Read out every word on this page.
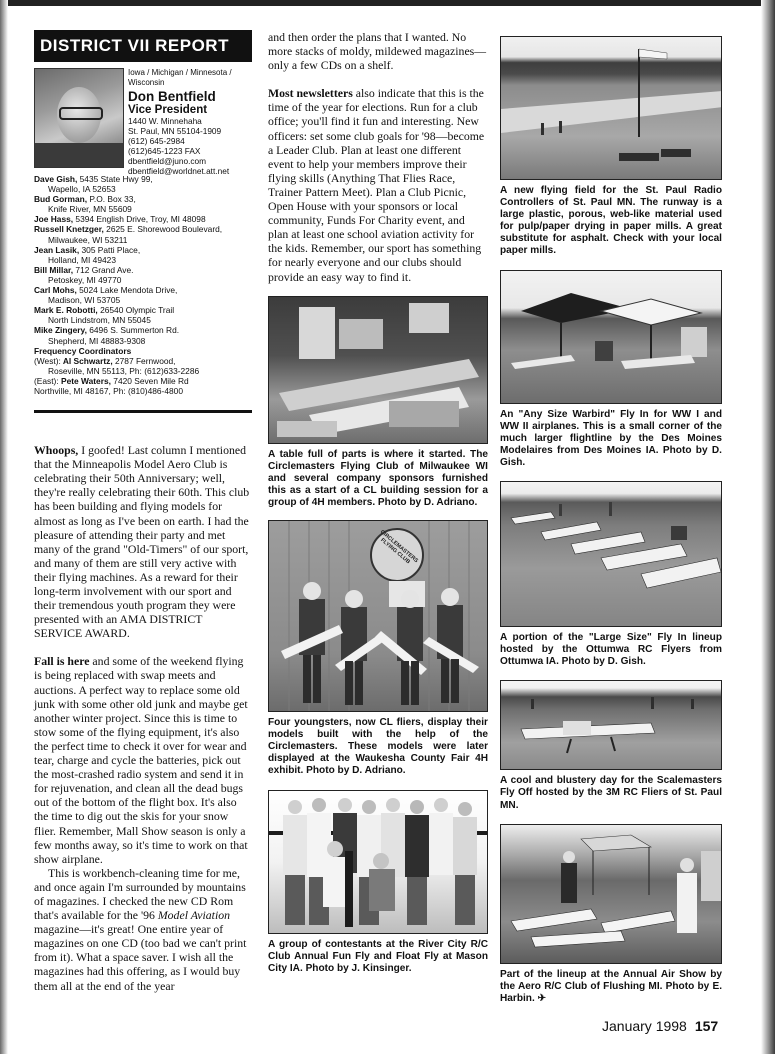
DISTRICT VII REPORT
Iowa / Michigan / Minnesota / Wisconsin
Don Bentfield
Vice President
1440 W. Minnehaha
St. Paul, MN 55104-1909
(612) 645-2984
(612)645-1223 FAX
dbentfield@juno.com
dbentfield@worldnet.att.net
Dave Gish, 5435 State Hwy 99,
Wapello, IA 52653
Bud Gorman, P.O. Box 33,
Knife River, MN 55609
Joe Hass, 5394 English Drive, Troy, MI 48098
Russell Knetzger, 2625 E. Shorewood Boulevard,
Milwaukee, WI 53211
Jean Lasik, 305 Patti Place,
Holland, MI 49423
Bill Millar, 712 Grand Ave.
Petoskey, MI 49770
Carl Mohs, 5024 Lake Mendota Drive,
Madison, WI 53705
Mark E. Robotti, 26540 Olympic Trail
North Lindstrom, MN 55045
Mike Zingery, 6496 S. Summerton Rd.
Shepherd, MI 48883-9308
Frequency Coordinators
(West): Al Schwartz, 2787 Fernwood,
Roseville, MN 55113, Ph: (612)633-2286
(East): Pete Waters, 7420 Seven Mile Rd
Northville, MI 48167, Ph: (810)486-4800

Whoops, I goofed! Last column I mentioned that the Minneapolis Model Aero Club is celebrating their 50th Anniversary; well, they're really celebrating their 60th. This club has been building and flying models for almost as long as I've been on earth. I had the pleasure of attending their party and met many of the grand "Old-Timers" of our sport, and many of them are still very active with their flying machines. As a reward for their long-term involvement with our sport and their tremendous youth program they were presented with an AMA DISTRICT SERVICE AWARD.

Fall is here and some of the weekend flying is being replaced with swap meets and auctions. A perfect way to replace some old junk with some other old junk and maybe get another winter project. Since this is time to stow some of the flying equipment, it's also the perfect time to check it over for wear and tear, charge and cycle the batteries, pick out the most-crashed radio system and send it in for rejuvenation, and clean all the dead bugs out of the bottom of the flight box. It's also the time to dig out the skis for your snow flier. Remember, Mall Show season is only a few months away, so it's time to work on that show airplane.

This is workbench-cleaning time for me, and once again I'm surrounded by mountains of magazines. I checked the new CD Rom that's available for the '96 Model Aviation magazine—it's great! One entire year of magazines on one CD (too bad we can't print from it). What a space saver. I wish all the magazines had this offering, as I would buy them all at the end of the year

and then order the plans that I wanted. No more stacks of moldy, mildewed magazines—only a few CDs on a shelf.

Most newsletters also indicate that this is the time of the year for elections. Run for a club office; you'll find it fun and interesting. New officers: set some club goals for '98—become a Leader Club. Plan at least one different event to help your members improve their flying skills (Anything That Flies Race, Trainer Pattern Meet). Plan a Club Picnic, Open House with your sponsors or local community, Funds For Charity event, and plan at least one school aviation activity for the kids. Remember, our sport has something for nearly everyone and our clubs should provide an easy way to find it.

A table full of parts is where it started. The Circlemasters Flying Club of Milwaukee WI and several company sponsors furnished this as a start of a CL building session for a group of 4H members. Photo by D. Adriano.
CIRCLEMASTERS FLYING CLUB
Four youngsters, now CL fliers, display their models built with the help of the Circlemasters. These models were later displayed at the Waukesha County Fair 4H exhibit. Photo by D. Adriano.
A group of contestants at the River City R/C Club Annual Fun Fly and Float Fly at Mason City IA. Photo by J. Kinsinger.
A new flying field for the St. Paul Radio Controllers of St. Paul MN. The runway is a large plastic, porous, web-like material used for pulp/paper drying in paper mills. A great substitute for asphalt. Check with your local paper mills.
An "Any Size Warbird" Fly In for WW I and WW II airplanes. This is a small corner of the much larger flightline by the Des Moines Modelaires from Des Moines IA. Photo by D. Gish.
A portion of the "Large Size" Fly In lineup hosted by the Ottumwa RC Flyers from Ottumwa IA. Photo by D. Gish.
A cool and blustery day for the Scalemasters Fly Off hosted by the 3M RC Fliers of St. Paul MN.
Part of the lineup at the Annual Air Show by the Aero R/C Club of Flushing MI. Photo by E. Harbin. ✈
January 1998 157
